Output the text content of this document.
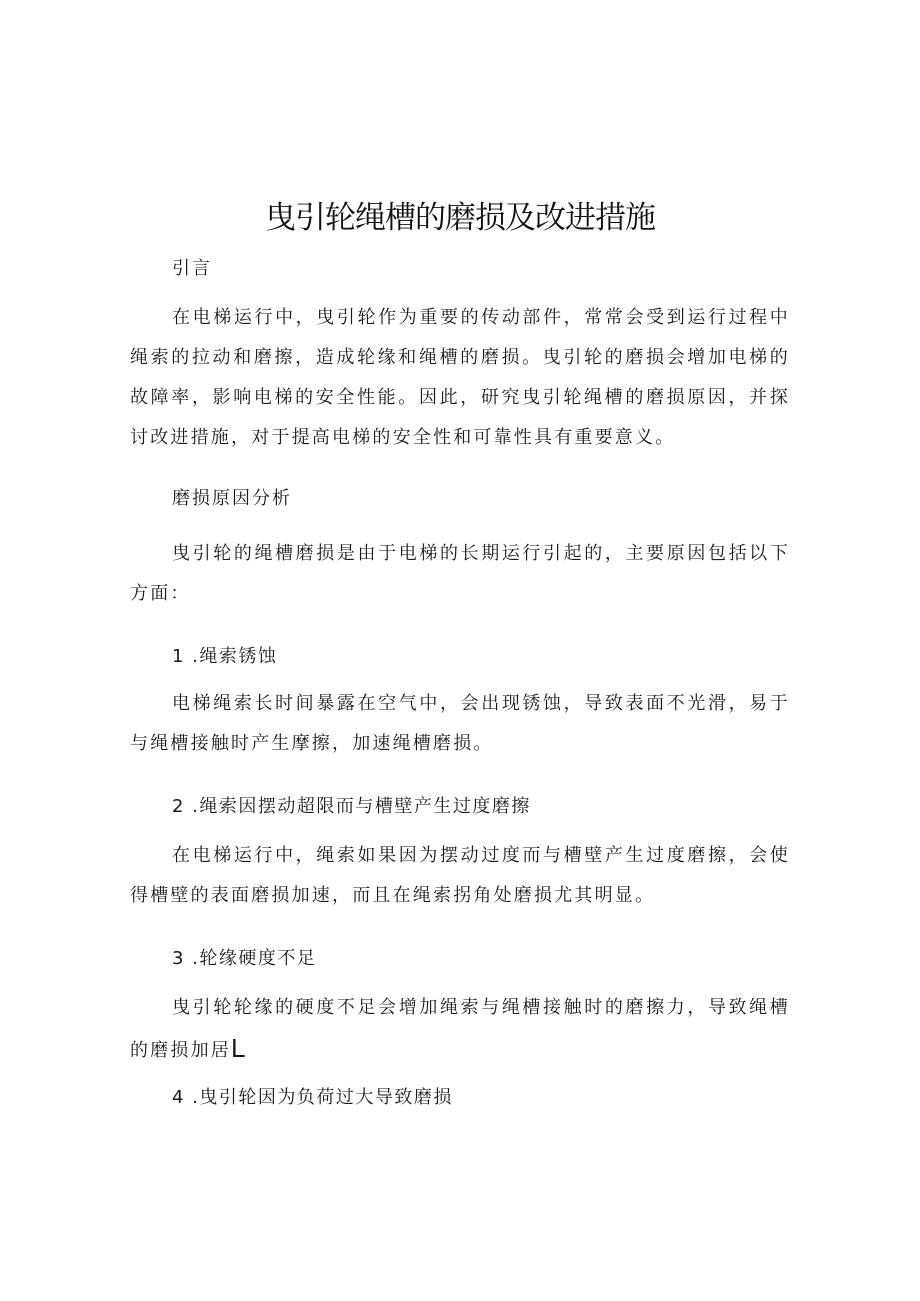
曳引轮绳槽的磨损及改进措施

引言

在电梯运行中，曳引轮作为重要的传动部件，常常会受到运行过程中绳索的拉动和磨擦，造成轮缘和绳槽的磨损。曳引轮的磨损会增加电梯的故障率，影响电梯的安全性能。因此，研究曳引轮绳槽的磨损原因，并探讨改进措施，对于提高电梯的安全性和可靠性具有重要意义。

磨损原因分析

曳引轮的绳槽磨损是由于电梯的长期运行引起的，主要原因包括以下方面：

1 .绳索锈蚀

电梯绳索长时间暴露在空气中，会出现锈蚀，导致表面不光滑，易于与绳槽接触时产生摩擦，加速绳槽磨损。

2 .绳索因摆动超限而与槽壁产生过度磨擦

在电梯运行中，绳索如果因为摆动过度而与槽壁产生过度磨擦，会使得槽壁的表面磨损加速，而且在绳索拐角处磨损尤其明显。

3 .轮缘硬度不足

曳引轮轮缘的硬度不足会增加绳索与绳槽接触时的磨擦力，导致绳槽的磨损加居L

4 .曳引轮因为负荷过大导致磨损
